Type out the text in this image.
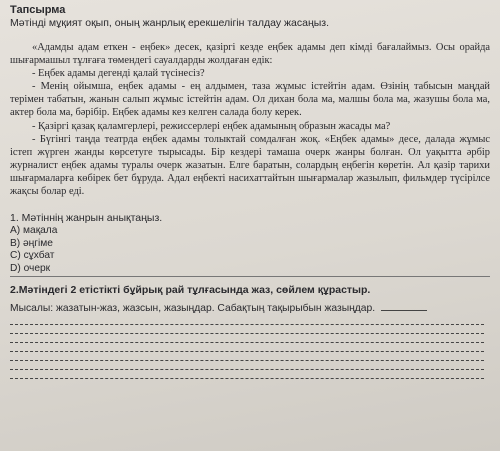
Тапсырма
Мәтінді мұқият оқып, оның жанрлық ерекшелігін талдау жасаңыз.

«Адамды адам еткен - еңбек» десек, қазіргі кезде еңбек адамы деп кімді бағалаймыз. Осы орайда шығармашыл тұлғаға төмендегі сауалдарды жолдаған едік:

- Еңбек адамы дегенді қалай түсінесіз?

- Менің ойымша, еңбек адамы - ең алдымен, таза жұмыс істейтін адам. Өзінің табысын маңдай терімен табатын, жанын салып жұмыс істейтін адам. Ол дихан бола ма, малшы бола ма, жазушы бола ма, актер бола ма, бәрібір. Еңбек адамы кез келген салада болу керек.

- Қазіргі қазақ қаламгерлері, режиссерлері еңбек адамының образын жасады ма?

- Бүгінгі таңда театрда еңбек адамы толыктай сомдалған жоқ. «Еңбек адамы» десе, далада жұмыс істеп жүрген жанды көрсетуге тырысады. Бір кездері тамаша очерк жанры болған. Ол уақытта әрбір журналист еңбек адамы туралы очерк жазатын. Елге баратын, солардың еңбегін көретін. Ал қазір тарихи шығармаларға көбірек бет бұруда. Адал еңбекті насихаттайтын шығармалар жазылып, фильмдер түсірілсе жақсы болар еді.

1. Мәтіннің жанрын анықтаңыз.
А) мақала
В) әңгіме
С) сұхбат
D) очерк
2.Мәтіндегі 2 етістікті бұйрық рай тұлғасында жаз, сөйлем құрастыр.
Мысалы: жазатын-жаз, жазсын, жазыңдар. Сабақтың тақырыбын жазыңдар.
